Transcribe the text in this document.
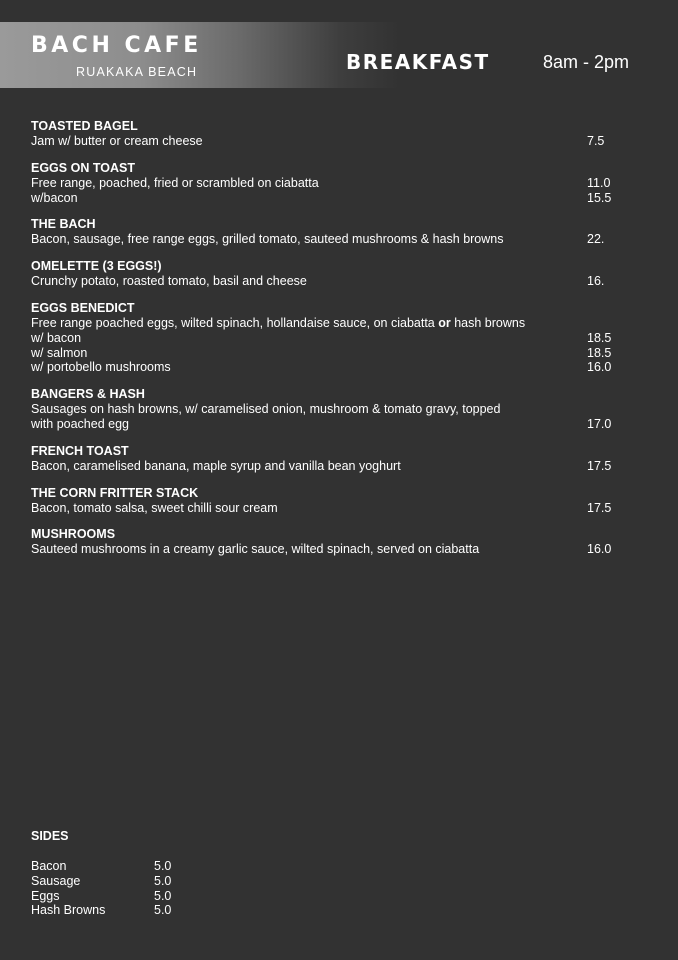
BACH CAFE
RUAKAKA BEACH	BREAKFAST	8am - 2pm
TOASTED BAGEL
Jam w/ butter or cream cheese	7.5
EGGS ON TOAST
Free range, poached, fried or scrambled on ciabatta	11.0
w/bacon	15.5
THE BACH
Bacon, sausage, free range eggs, grilled tomato, sauteed mushrooms & hash browns	22.
OMELETTE (3 EGGS!)
Crunchy potato, roasted tomato, basil and cheese	16.
EGGS BENEDICT
Free range poached eggs, wilted spinach, hollandaise sauce, on ciabatta or hash browns
w/ bacon	18.5
w/ salmon	18.5
w/ portobello mushrooms	16.0
BANGERS & HASH
Sausages on hash browns, w/ caramelised onion, mushroom & tomato gravy, topped
with poached egg	17.0
FRENCH TOAST
Bacon, caramelised banana, maple syrup and vanilla bean yoghurt	17.5
THE CORN FRITTER STACK
Bacon, tomato salsa, sweet chilli sour cream	17.5
MUSHROOMS
Sauteed mushrooms in a creamy garlic sauce, wilted spinach, served on ciabatta	16.0
SIDES
Bacon	5.0
Sausage	5.0
Eggs	5.0
Hash Browns	5.0
